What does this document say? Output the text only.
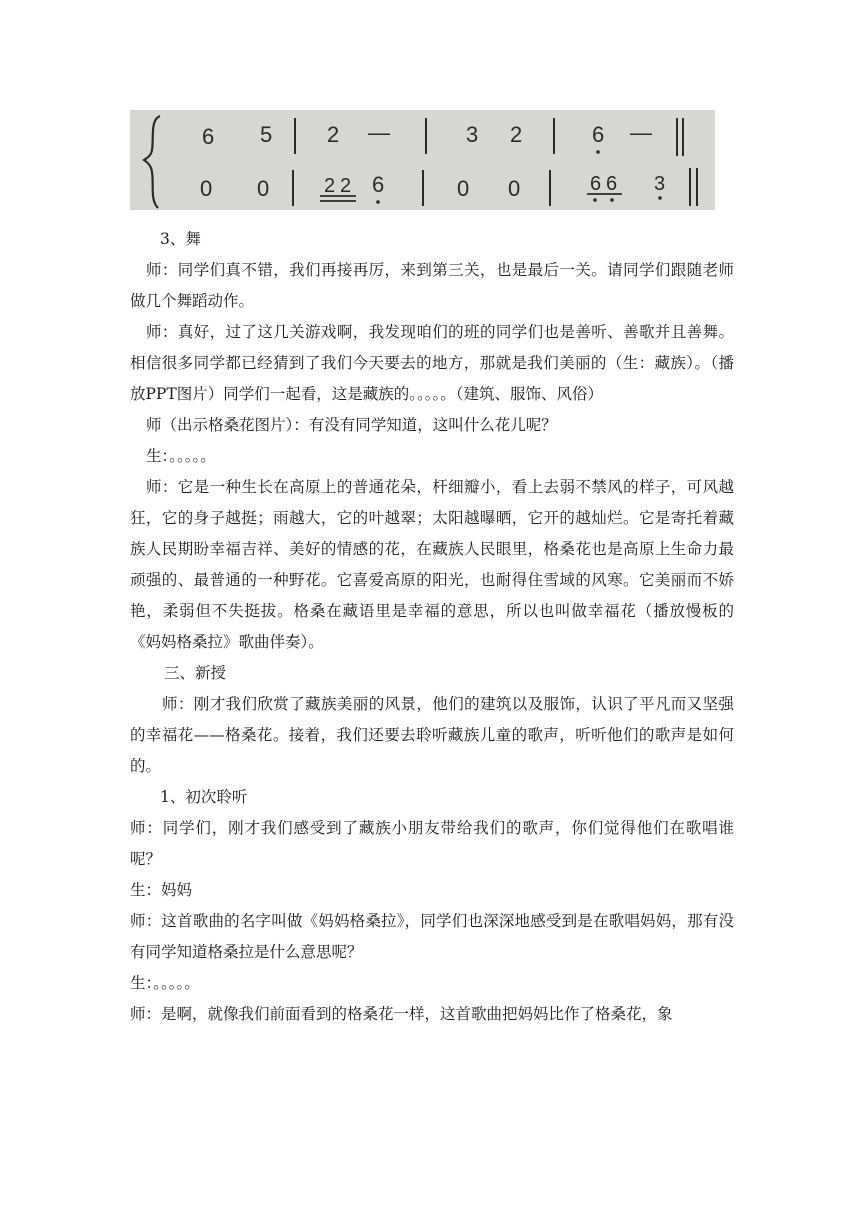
6 5 2 —	3 2	6 —
0 0	2 2 6	0 0	6 6 3

3、舞

师：同学们真不错，我们再接再厉，来到第三关，也是最后一关。请同学们跟随老师做几个舞蹈动作。

师：真好，过了这几关游戏啊，我发现咱们的班的同学们也是善听、善歌并且善舞。相信很多同学都已经猜到了我们今天要去的地方，那就是我们美丽的（生：藏族）。（播放PPT图片）同学们一起看，这是藏族的。。。。。（建筑、服饰、风俗）

师（出示格桑花图片）：有没有同学知道，这叫什么花儿呢？

生：。。。。。

师：它是一种生长在高原上的普通花朵，杆细瓣小，看上去弱不禁风的样子，可风越狂，它的身子越挺；雨越大，它的叶越翠；太阳越曝晒，它开的越灿烂。它是寄托着藏族人民期盼幸福吉祥、美好的情感的花，在藏族人民眼里，格桑花也是高原上生命力最顽强的、最普通的一种野花。它喜爱高原的阳光，也耐得住雪域的风寒。它美丽而不娇艳，柔弱但不失挺拔。格桑在藏语里是幸福的意思，所以也叫做幸福花（播放慢板的《妈妈格桑拉》歌曲伴奏）。

三、新授

师：刚才我们欣赏了藏族美丽的风景，他们的建筑以及服饰，认识了平凡而又坚强的幸福花——格桑花。接着，我们还要去聆听藏族儿童的歌声，听听他们的歌声是如何的。

1、初次聆听

师：同学们，刚才我们感受到了藏族小朋友带给我们的歌声，你们觉得他们在歌唱谁呢？

生：妈妈

师：这首歌曲的名字叫做《妈妈格桑拉》，同学们也深深地感受到是在歌唱妈妈，那有没有同学知道格桑拉是什么意思呢？

生：。。。。。

师：是啊，就像我们前面看到的格桑花一样，这首歌曲把妈妈比作了格桑花，象
